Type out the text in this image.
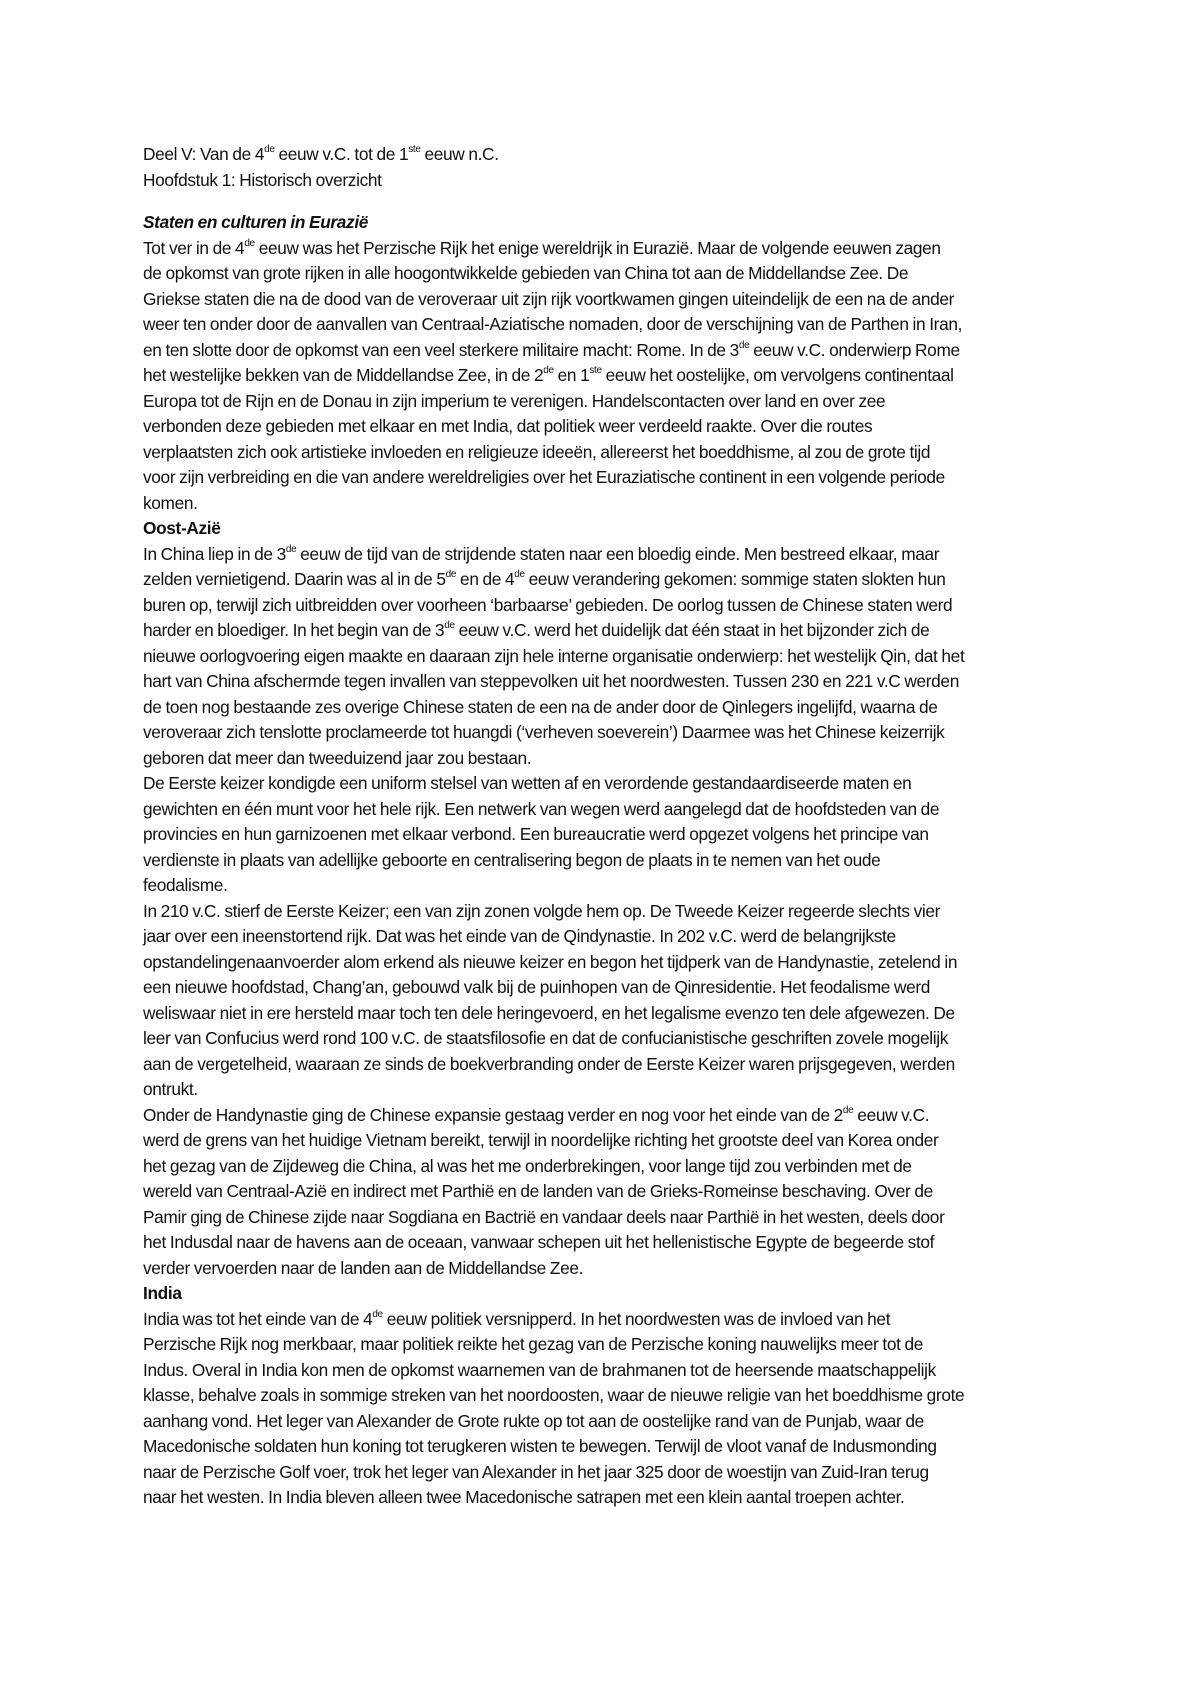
Deel V: Van de 4de eeuw v.C. tot de 1ste eeuw n.C.
Hoofdstuk 1: Historisch overzicht
Staten en culturen in Eurazië
Tot ver in de 4de eeuw was het Perzische Rijk het enige wereldrijk in Eurazië. Maar de volgende eeuwen zagen
de opkomst van grote rijken in alle hoogontwikkelde gebieden van China tot aan de Middellandse Zee. De
Griekse staten die na de dood van de veroveraar uit zijn rijk voortkwamen gingen uiteindelijk de een na de ander
weer ten onder door de aanvallen van Centraal-Aziatische nomaden, door de verschijning van de Parthen in Iran,
en ten slotte door de opkomst van een veel sterkere militaire macht: Rome. In de 3de eeuw v.C. onderwierp Rome
het westelijke bekken van de Middellandse Zee, in de 2de en 1ste eeuw het oostelijke, om vervolgens continentaal
Europa tot de Rijn en de Donau in zijn imperium te verenigen. Handelscontacten over land en over zee
verbonden deze gebieden met elkaar en met India, dat politiek weer verdeeld raakte. Over die routes
verplaatsten zich ook artistieke invloeden en religieuze ideeën, allereerst het boeddhisme, al zou de grote tijd
voor zijn verbreiding en die van andere wereldreligies over het Euraziatische continent in een volgende periode
komen.
Oost-Azië
In China liep in de 3de eeuw de tijd van de strijdende staten naar een bloedig einde. Men bestreed elkaar, maar
zelden vernietigend. Daarin was al in de 5de en de 4de eeuw verandering gekomen: sommige staten slokten hun
buren op, terwijl zich uitbreidden over voorheen ‘barbaarse’ gebieden. De oorlog tussen de Chinese staten werd
harder en bloediger. In het begin van de 3de eeuw v.C. werd het duidelijk dat één staat in het bijzonder zich de
nieuwe oorlogvoering eigen maakte en daaraan zijn hele interne organisatie onderwierp: het westelijk Qin, dat het
hart van China afschermde tegen invallen van steppevolken uit het noordwesten. Tussen 230 en 221 v.C werden
de toen nog bestaande zes overige Chinese staten de een na de ander door de Qinlegers ingelijfd, waarna de
veroveraar zich tenslotte proclameerde tot huangdi (‘verheven soeverein’) Daarmee was het Chinese keizerrijk
geboren dat meer dan tweeduizend jaar zou bestaan.
De Eerste keizer kondigde een uniform stelsel van wetten af en verordende gestandaardiseerde maten en
gewichten en één munt voor het hele rijk. Een netwerk van wegen werd aangelegd dat de hoofdsteden van de
provincies en hun garnizoenen met elkaar verbond. Een bureaucratie werd opgezet volgens het principe van
verdienste in plaats van adellijke geboorte en centralisering begon de plaats in te nemen van het oude
feodalisme.
In 210 v.C. stierf de Eerste Keizer; een van zijn zonen volgde hem op. De Tweede Keizer regeerde slechts vier
jaar over een ineenstortend rijk. Dat was het einde van de Qindynastie. In 202 v.C. werd de belangrijkste
opstandelingenaanvoerder alom erkend als nieuwe keizer en begon het tijdperk van de Handynastie, zetelend in
een nieuwe hoofdstad, Chang’an, gebouwd valk bij de puinhopen van de Qinresidentie. Het feodalisme werd
weliswaar niet in ere hersteld maar toch ten dele heringevoerd, en het legalisme evenzo ten dele afgewezen. De
leer van Confucius werd rond 100 v.C. de staatsfilosofie en dat de confucianistische geschriften zovele mogelijk
aan de vergetelheid, waaraan ze sinds de boekverbranding onder de Eerste Keizer waren prijsgegeven, werden
ontrukt.
Onder de Handynastie ging de Chinese expansie gestaag verder en nog voor het einde van de 2de eeuw v.C.
werd de grens van het huidige Vietnam bereikt, terwijl in noordelijke richting het grootste deel van Korea onder
het gezag van de Zijdeweg die China, al was het me onderbrekingen, voor lange tijd zou verbinden met de
wereld van Centraal-Azië en indirect met Parthië en de landen van de Grieks-Romeinse beschaving. Over de
Pamir ging de Chinese zijde naar Sogdiana en Bactrië en vandaar deels naar Parthië in het westen, deels door
het Indusdal naar de havens aan de oceaan, vanwaar schepen uit het hellenistische Egypte de begeerde stof
verder vervoerden naar de landen aan de Middellandse Zee.
India
India was tot het einde van de 4de eeuw politiek versnipperd. In het noordwesten was de invloed van het
Perzische Rijk nog merkbaar, maar politiek reikte het gezag van de Perzische koning nauwelijks meer tot de
Indus. Overal in India kon men de opkomst waarnemen van de brahmanen tot de heersende maatschappelijk
klasse, behalve zoals in sommige streken van het noordoosten, waar de nieuwe religie van het boeddhisme grote
aanhang vond. Het leger van Alexander de Grote rukte op tot aan de oostelijke rand van de Punjab, waar de
Macedonische soldaten hun koning tot terugkeren wisten te bewegen. Terwijl de vloot vanaf de Indusmonding
naar de Perzische Golf voer, trok het leger van Alexander in het jaar 325 door de woestijn van Zuid-Iran terug
naar het westen. In India bleven alleen twee Macedonische satrapen met een klein aantal troepen achter.
